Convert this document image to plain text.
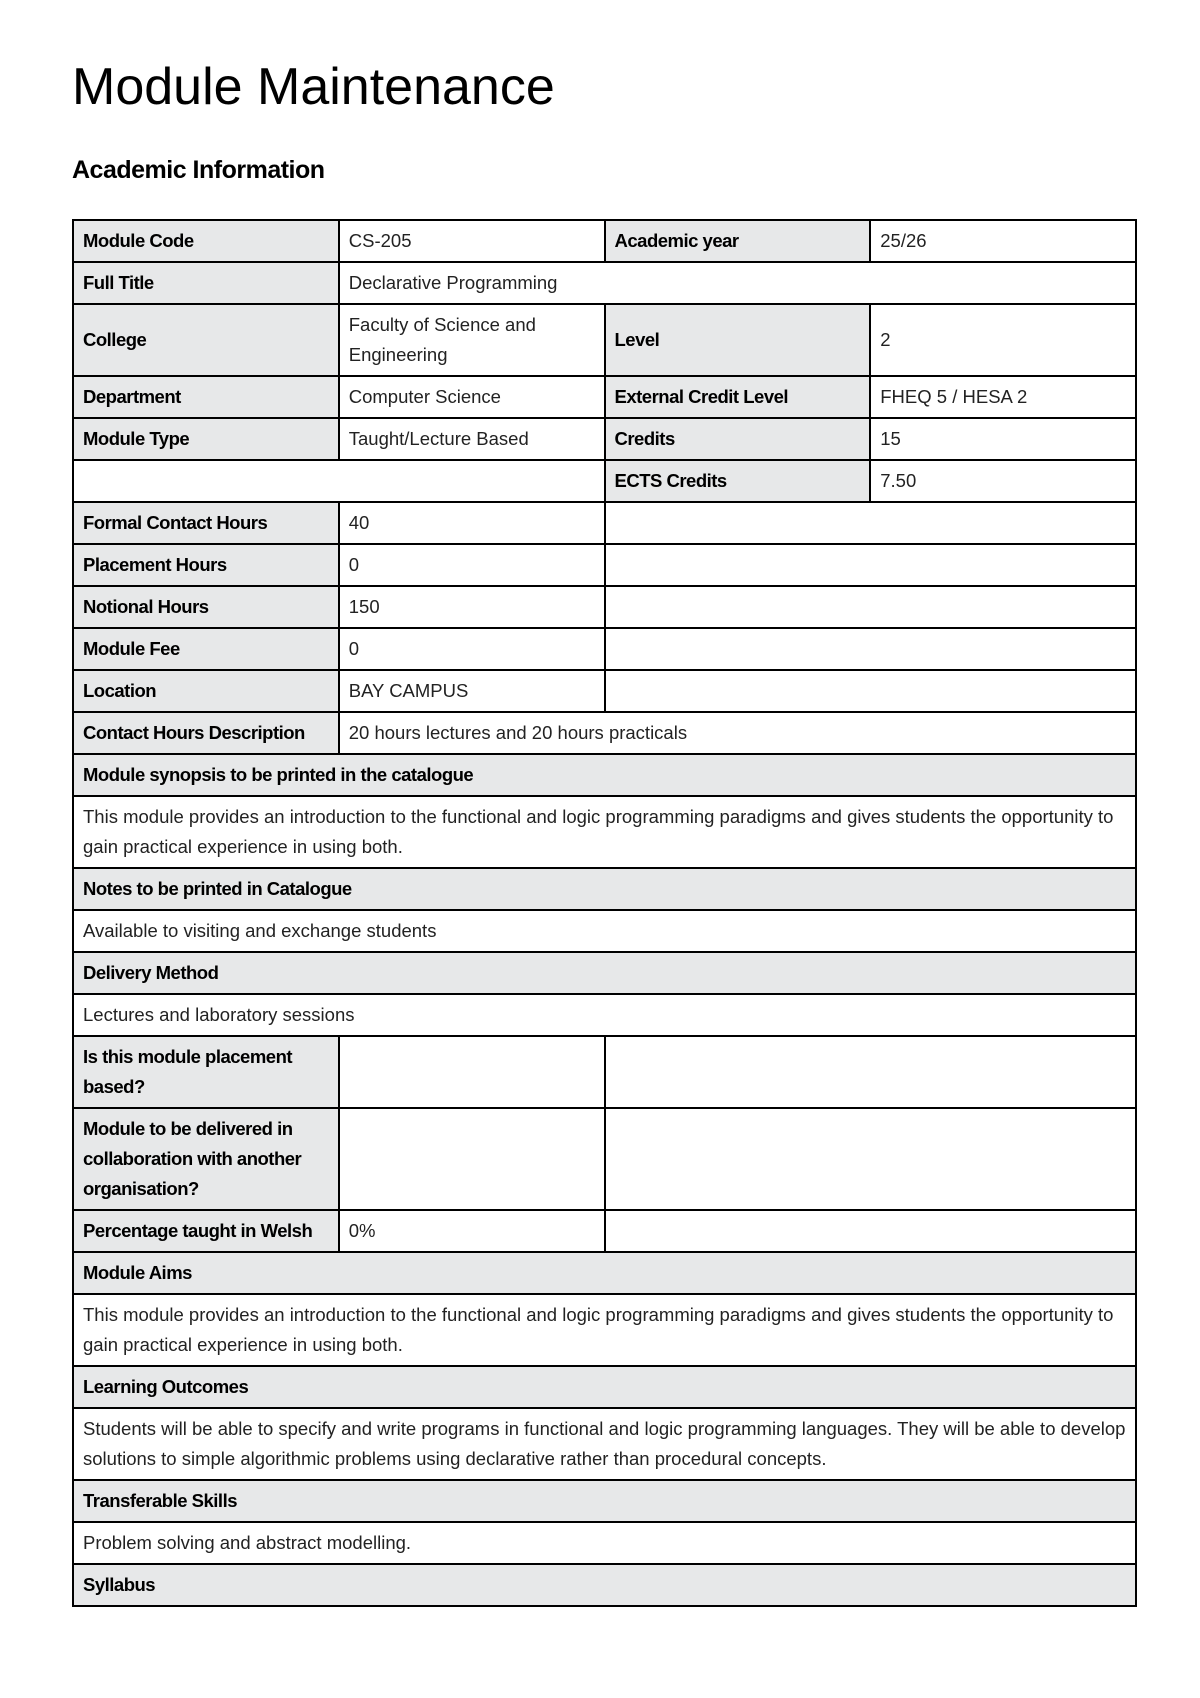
Module Maintenance
Academic Information
Module Code	CS-205	Academic year	25/26
Full Title	Declarative Programming		
College	Faculty of Science and Engineering	Level	2
Department	Computer Science	External Credit Level	FHEQ 5 / HESA 2
Module Type	Taught/Lecture Based	Credits	15
		ECTS Credits	7.50
Formal Contact Hours	40		
Placement Hours	0		
Notional Hours	150		
Module Fee	0		
Location	BAY CAMPUS		
Contact Hours Description	20 hours lectures and 20 hours practicals		
Module synopsis to be printed in the catalogue			
This module provides an introduction to the functional and logic programming paradigms and gives students the opportunity to gain practical experience in using both.			
Notes to be printed in Catalogue			
Available to visiting and exchange students			
Delivery Method			
Lectures and laboratory sessions			
Is this module placement based?			
Module to be delivered in collaboration with another organisation?			
Percentage taught in Welsh	0%		
Module Aims			
This module provides an introduction to the functional and logic programming paradigms and gives students the opportunity to gain practical experience in using both.			
Learning Outcomes			
Students will be able to specify and write programs in functional and logic programming languages. They will be able to develop solutions to simple algorithmic problems using declarative rather than procedural concepts.			
Transferable Skills			
Problem solving and abstract modelling.			
Syllabus			
